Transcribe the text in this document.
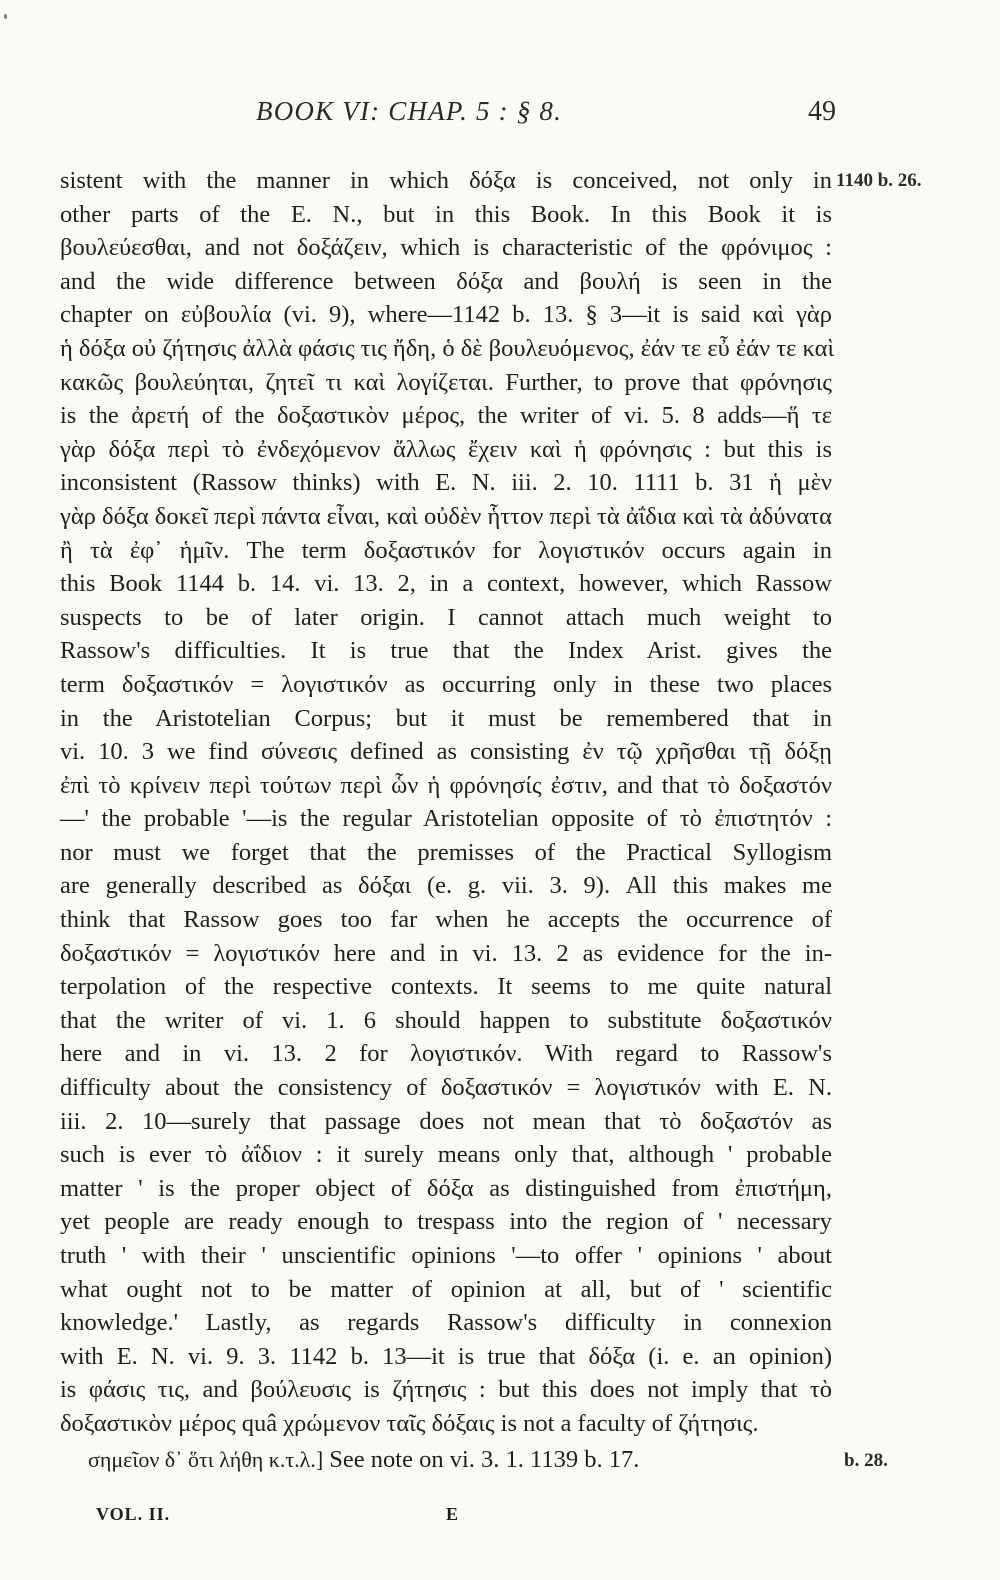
BOOK VI: CHAP. 5 : § 8.	49
1140 b. 26.
b. 28.
sistent with the manner in which δόξα is conceived, not only in
other parts of the E. N., but in this Book. In this Book it is
βουλεύεσθαι, and not δοξάζειν, which is characteristic of the φρόνιμος :
and the wide difference between δόξα and βουλή is seen in the
chapter on εὐβουλία (vi. 9), where—1142 b. 13. § 3—it is said καὶ γὰρ
ἡ δόξα οὐ ζήτησις ἀλλὰ φάσις τις ἤδη, ὁ δὲ βουλευόμενος, ἐάν τε εὖ ἐάν τε καὶ
κακῶς βουλεύηται, ζητεῖ τι καὶ λογίζεται. Further, to prove that φρόνησις
is the ἀρετή of the δοξαστικὸν μέρος, the writer of vi. 5. 8 adds—ἥ τε
γὰρ δόξα περὶ τὸ ἐνδεχόμενον ἄλλως ἔχειν καὶ ἡ φρόνησις : but this is
inconsistent (Rassow thinks) with E. N. iii. 2. 10. 1111 b. 31 ἡ μὲν
γὰρ δόξα δοκεῖ περὶ πάντα εἶναι, καὶ οὐδὲν ἧττον περὶ τὰ ἀΐδια καὶ τὰ ἀδύνατα
ἢ τὰ ἐφ᾽ ἡμῖν. The term δοξαστικόν for λογιστικόν occurs again in
this Book 1144 b. 14. vi. 13. 2, in a context, however, which Rassow
suspects to be of later origin. I cannot attach much weight to
Rassow's difficulties. It is true that the Index Arist. gives the
term δοξαστικόν = λογιστικόν as occurring only in these two places
in the Aristotelian Corpus; but it must be remembered that in
vi. 10. 3 we find σύνεσις defined as consisting ἐν τῷ χρῆσθαι τῇ δόξῃ
ἐπὶ τὸ κρίνειν περὶ τούτων περὶ ὧν ἡ φρόνησίς ἐστιν, and that τὸ δοξαστόν
—' the probable '—is the regular Aristotelian opposite of τὸ ἐπιστητόν :
nor must we forget that the premisses of the Practical Syllogism
are generally described as δόξαι (e. g. vii. 3. 9). All this makes me
think that Rassow goes too far when he accepts the occurrence of
δοξαστικόν = λογιστικόν here and in vi. 13. 2 as evidence for the in-
terpolation of the respective contexts. It seems to me quite natural
that the writer of vi. 1. 6 should happen to substitute δοξαστικόν
here and in vi. 13. 2 for λογιστικόν. With regard to Rassow's
difficulty about the consistency of δοξαστικόν = λογιστικόν with E. N.
iii. 2. 10—surely that passage does not mean that τὸ δοξαστόν as
such is ever τὸ ἀΐδιον : it surely means only that, although ' probable
matter ' is the proper object of δόξα as distinguished from ἐπιστήμη,
yet people are ready enough to trespass into the region of ' necessary
truth ' with their ' unscientific opinions '—to offer ' opinions ' about
what ought not to be matter of opinion at all, but of ' scientific
knowledge.' Lastly, as regards Rassow's difficulty in connexion
with E. N. vi. 9. 3. 1142 b. 13—it is true that δόξα (i. e. an opinion)
is φάσις τις, and βούλευσις is ζήτησις : but this does not imply that τὸ
δοξαστικὸν μέρος quâ χρώμενον ταῖς δόξαις is not a faculty of ζήτησις.
σημεῖον δ᾽ ὅτι λήθη κ.τ.λ.] See note on vi. 3. 1. 1139 b. 17.
VOL. II.	E
